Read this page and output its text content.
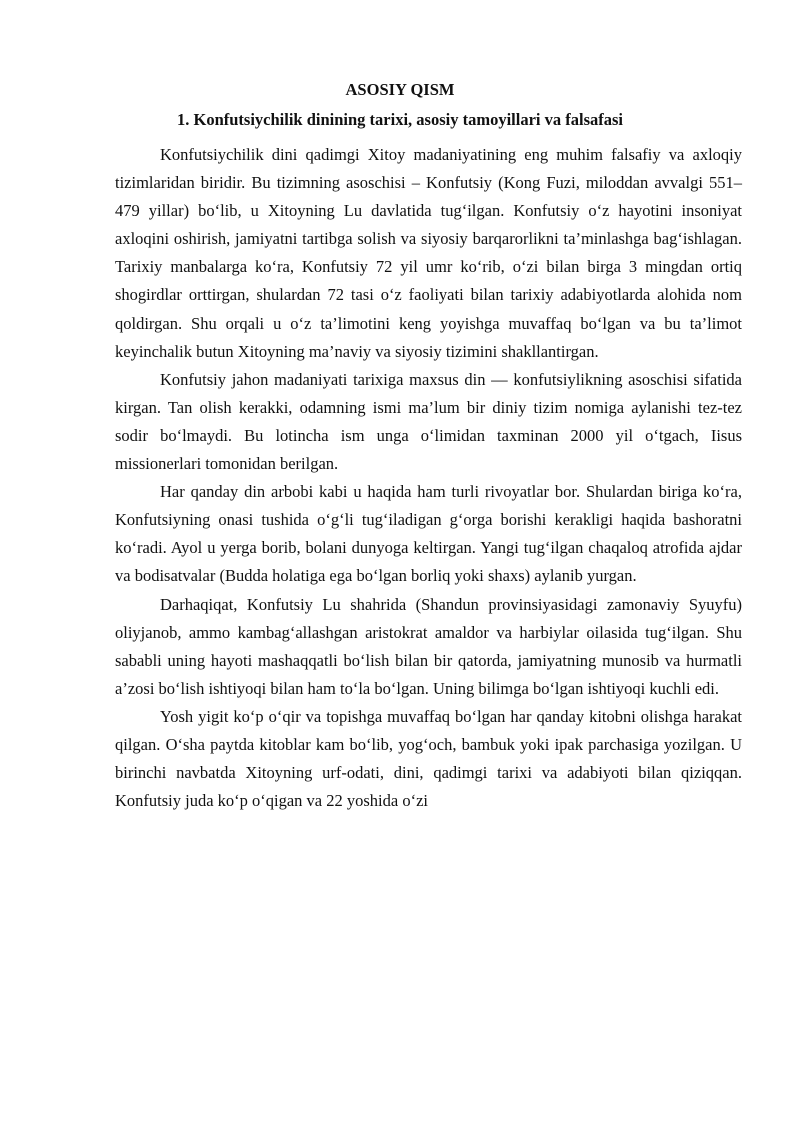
ASOSIY QISM
1. Konfutsiychilik dinining tarixi, asosiy tamoyillari va falsafasi

Konfutsiychilik dini qadimgi Xitoy madaniyatining eng muhim falsafiy va axloqiy tizimlaridan biridir. Bu tizimning asoschisi – Konfutsiy (Kong Fuzi, miloddan avvalgi 551–479 yillar) bo‘lib, u Xitoyning Lu davlatida tug‘ilgan. Konfutsiy o‘z hayotini insoniyat axloqini oshirish, jamiyatni tartibga solish va siyosiy barqarorlikni ta’minlashga bag‘ishlagan. Tarixiy manbalarga ko‘ra, Konfutsiy 72 yil umr ko‘rib, o‘zi bilan birga 3 mingdan ortiq shogirdlar orttirgan, shulardan 72 tasi o‘z faoliyati bilan tarixiy adabiyotlarda alohida nom qoldirgan. Shu orqali u o‘z ta’limotini keng yoyishga muvaffaq bo‘lgan va bu ta’limot keyinchalik butun Xitoyning ma’naviy va siyosiy tizimini shakllantirgan.

Konfutsiy jahon madaniyati tarixiga maxsus din — konfutsiylikning asoschisi sifatida kirgan. Tan olish kerakki, odamning ismi ma’lum bir diniy tizim nomiga aylanishi tez-tez sodir bo‘lmaydi. Bu lotincha ism unga o‘limidan taxminan 2000 yil o‘tgach, Iisus missionerlari tomonidan berilgan.

Har qanday din arbobi kabi u haqida ham turli rivoyatlar bor. Shulardan biriga ko‘ra, Konfutsiyning onasi tushida o‘g‘li tug‘iladigan g‘orga borishi kerakligi haqida bashoratni ko‘radi. Ayol u yerga borib, bolani dunyoga keltirgan. Yangi tug‘ilgan chaqaloq atrofida ajdar va bodisatvalar (Budda holatiga ega bo‘lgan borliq yoki shaxs) aylanib yurgan.

Darhaqiqat, Konfutsiy Lu shahrida (Shandun provinsiyasidagi zamonaviy Syuyfu) oliyjanob, ammo kambag‘allashgan aristokrat amaldor va harbiylar oilasida tug‘ilgan. Shu sababli uning hayoti mashaqqatli bo‘lish bilan bir qatorda, jamiyatning munosib va hurmatli a’zosi bo‘lish ishtiyoqi bilan ham to‘la bo‘lgan. Uning bilimga bo‘lgan ishtiyoqi kuchli edi.

Yosh yigit ko‘p o‘qir va topishga muvaffaq bo‘lgan har qanday kitobni olishga harakat qilgan. O‘sha paytda kitoblar kam bo‘lib, yog‘och, bambuk yoki ipak parchasiga yozilgan. U birinchi navbatda Xitoyning urf-odati, dini, qadimgi tarixi va adabiyoti bilan qiziqqan. Konfutsiy juda ko‘p o‘qigan va 22 yoshida o‘zi
